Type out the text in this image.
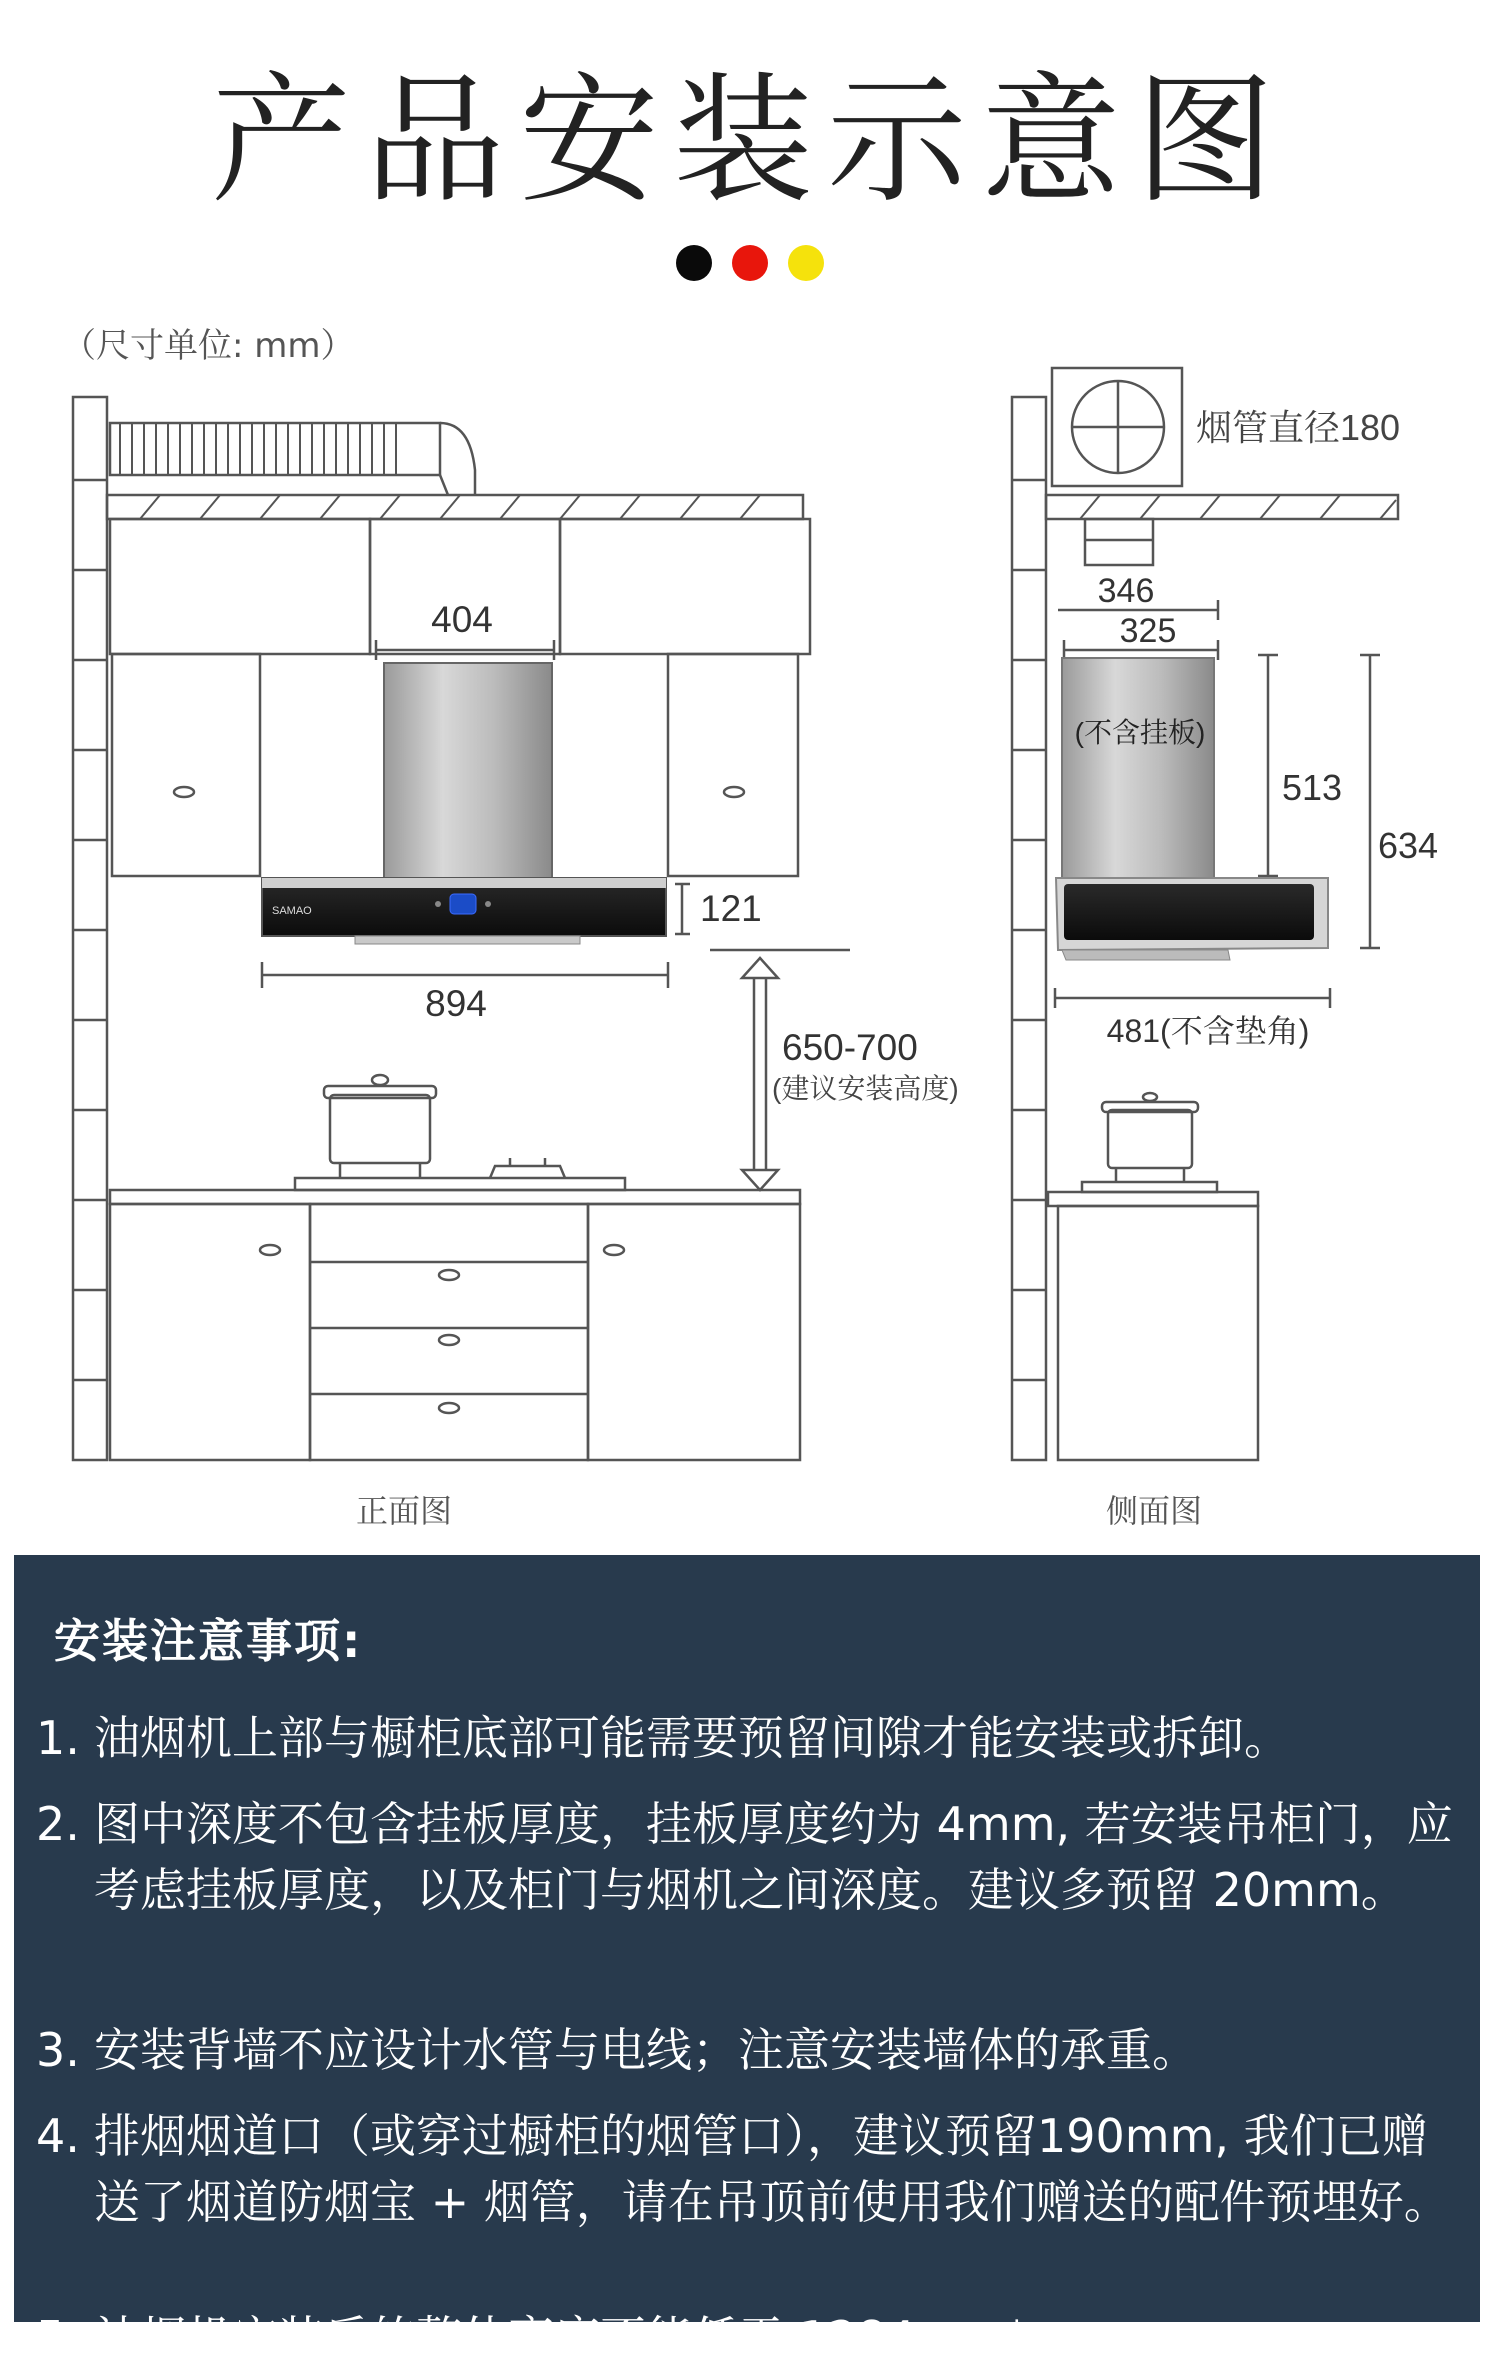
产品安装示意图
（尺寸单位: mm）
404
894
121
650-700
(建议安装高度)
SAMAO
正面图
烟管直径180
346
325
(不含挂板)
513
634
481(不含垫角)
侧面图
安装注意事项:
1. 油烟机上部与橱柜底部可能需要预留间隙才能安装或拆卸。
2. 图中深度不包含挂板厚度，挂板厚度约为 4mm, 若安装吊柜门，应考虑挂板厚度，以及柜门与烟机之间深度。建议多预留 20mm。
3. 安装背墙不应设计水管与电线；注意安装墙体的承重。
4. 排烟烟道口（或穿过橱柜的烟管口），建议预留190mm, 我们已赠送了烟道防烟宝 + 烟管，请在吊顶前使用我们赠送的配件预埋好。
5. 油烟机安装后的整体高度不能低于 1284mm*
